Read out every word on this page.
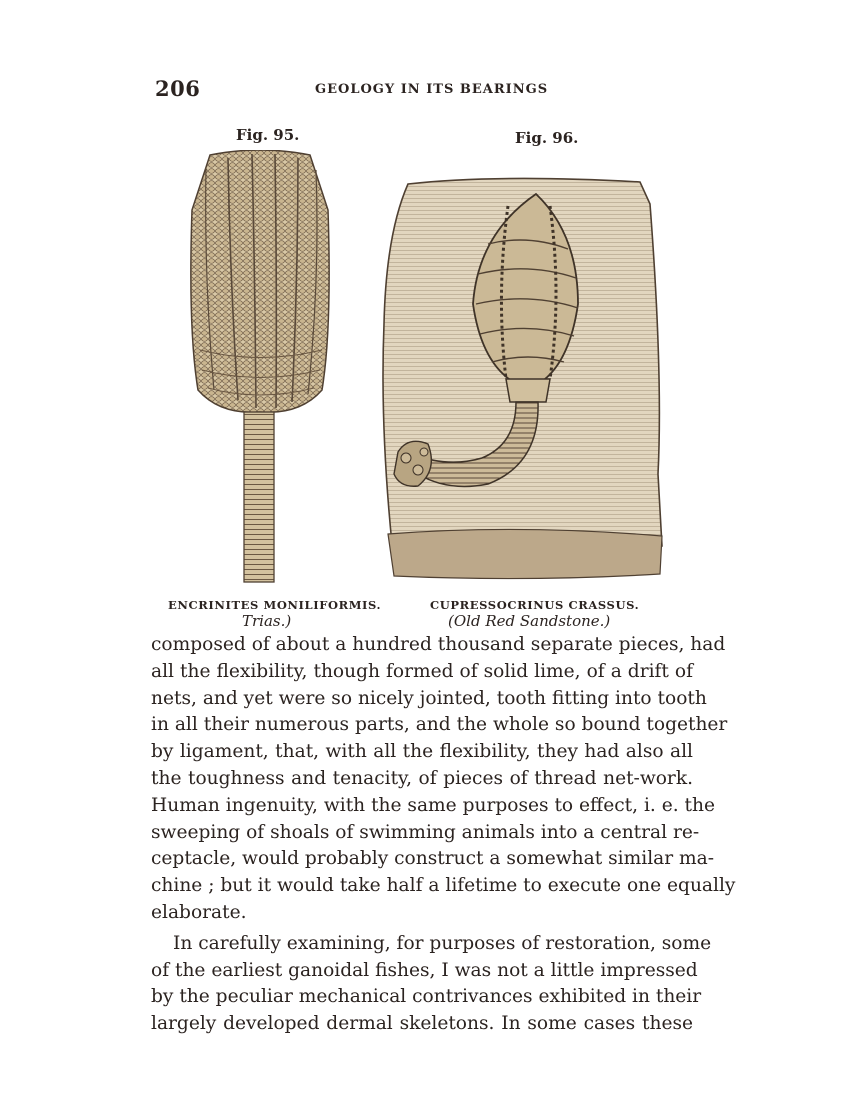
206	GEOLOGY IN ITS BEARINGS
Fig. 95.	Fig. 96.
ENCRINITES MONILIFORMIS.
Trias.)
CUPRESSOCRINUS CRASSUS.
(Old Red Sandstone.)
composed of about a hundred thousand separate pieces, had
all the flexibility, though formed of solid lime, of a drift of
nets, and yet were so nicely jointed, tooth fitting into tooth
in all their numerous parts, and the whole so bound together
by ligament, that, with all the flexibility, they had also all
the toughness and tenacity, of pieces of thread net-work.
Human ingenuity, with the same purposes to effect, i. e. the
sweeping of shoals of swimming animals into a central re-
ceptacle, would probably construct a somewhat similar ma-
chine ; but it would take half a lifetime to execute one equally
elaborate.
In carefully examining, for purposes of restoration, some
of the earliest ganoidal fishes, I was not a little impressed
by the peculiar mechanical contrivances exhibited in their
largely developed dermal skeletons. In some cases these
